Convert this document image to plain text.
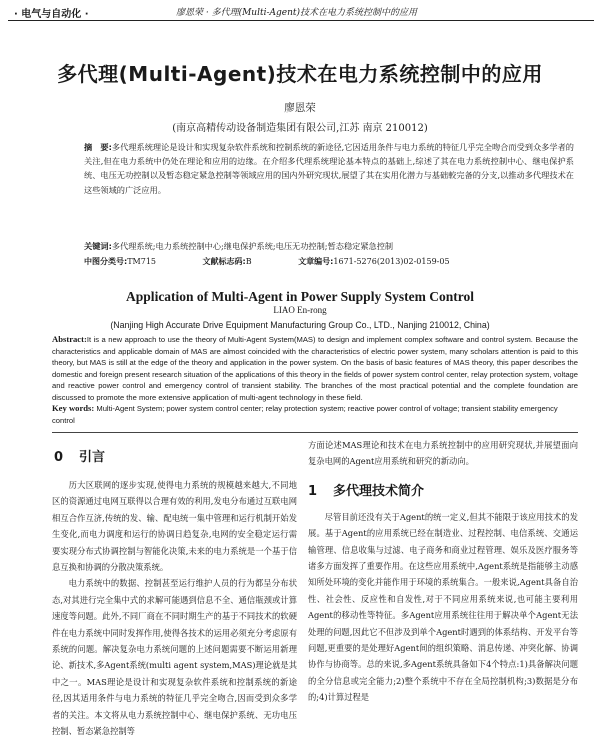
· 电气与自动化 ·	廖恩荣 · 多代理(Multi-Agent)技术在电力系统控制中的应用
多代理(Multi-Agent)技术在电力系统控制中的应用
廖恩荣
(南京高精传动设备制造集团有限公司,江苏 南京 210012)
摘　要:多代理系统理论是设计和实现复杂软件系统和控制系统的新途径,它因适用条件与电力系统的特征几乎完全吻合而受到众多学者的关注,但在电力系统中仍处在理论和应用的边缘。在介绍多代理系统理论基本特点的基础上,综述了其在电力系统控制中心、继电保护系统、电压无功控制以及暂态稳定紧急控制等领域应用的国内外研究现状,展望了其在实用化潜力与基础較完备的分支,以推动多代理技术在这些领域的广泛应用。
关键词:多代理系统;电力系统控制中心;继电保护系统;电压无功控制;暂态稳定紧急控制
中图分类号:TM715	文献标志码:B	文章编号:1671-5276(2013)02-0159-05
Application of Multi-Agent in Power Supply System Control
LIAO En-rong
(Nanjing High Accurate Drive Equipment Manufacturing Group Co., LTD., Nanjing 210012, China)
Abstract:It is a new approach to use the theory of Multi-Agent System(MAS) to design and implement complex software and control system. Because the characteristics and applicable domain of MAS are almost coincided with the characteristics of electric power system, many scholars attention is paid to this theory, but MAS is still at the edge of the theory and application in the power system. On the basis of basic features of MAS theory, this paper describes the domestic and foreign present research situation of the applications of this theory in the fields of power system control center, relay protection system, voltage and reactive power control and emergency control of transient stability. The branches of the most practical potential and the complete foundation are discussed to promote the more extensive application of multi-agent technology in these field.
Key words: Multi-Agent System; power system control center; relay protection system; reactive power control of voltage; transient stability emergency control
0 引言

历大区联网的逐步实现,使得电力系统的规模越来越大,不同地区的资源通过电网互联得以合理有效的利用,发电分布通过互联电网相互合作互济,传统的发、输、配电统一集中管理和运行机制开始发生变化,而电力调度和运行的协调日趋复杂,电网的安全稳定运行需要实现分布式协调控制与智能化决策,未来的电力系统是一个基于信息互换和协调的分散决策系统。

电力系统中的数据、控制甚至运行维护人员的行为都呈分布状态,对其进行完全集中式的求解可能遇到信息不全、通信瓶颈或计算速度等问题。此外,不同厂商在不同时期生产的基于不同技术的软硬件在电力系统中同时发挥作用,使得各技术的运用必须充分考虑原有系统的问题。解决复杂电力系统问题的上述问题需要不断运用新理论、新技术,多Agent系统(multi agent system,MAS)理论就是其中之一。MAS理论是设计和实现复杂软件系统和控制系统的新途径,因其适用条件与电力系统的特征几乎完全吻合,因而受到众多学者的关注。本文将从电力系统控制中心、继电保护系统、无功电压控制、暂态紧急控制等

方面论述MAS理论和技术在电力系统控制中的应用研究现状,并展望面向复杂电网的Agent应用系统和研究的新动向。

1 多代理技术简介

尽管目前还没有关于Agent的统一定义,但其不能限于该应用技术的发展。基于Agent的应用系统已经在制造业、过程控制、电信系统、交通运输管理、信息收集与过滤、电子商务和商业过程管理、娱乐及医疗服务等诸多方面发挥了重要作用。在这些应用系统中,Agent系统是指能够主动感知所处环境的变化并能作用于环境的系统集合。一般来说,Agent具备自治性、社会性、反应性和自发性,对于不同应用系统来说,也可能主要利用Agent的移动性等特征。多Agent应用系统往往用于解决单个Agent无法处理的问题,因此它不但涉及到单个Agent时遇到的体系结构、开发平台等问题,更重要的是处理好Agent间的组织策略、消息传递、冲突化解、协调协作与协商等。总的来说,多Agent系统具备如下4个特点:1)具备解决问题的全分信息或完全能力;2)整个系统中不存在全局控制机构;3)数据是分布的;4)计算过程是
